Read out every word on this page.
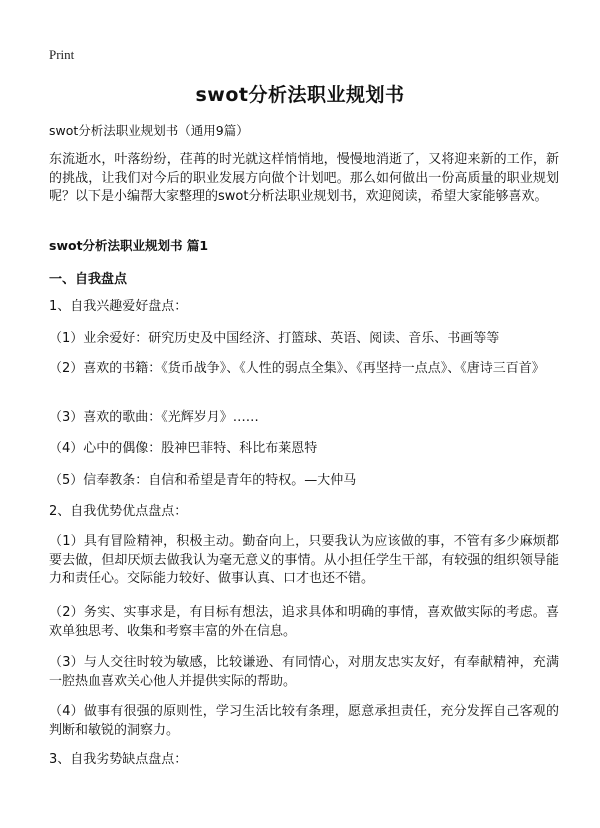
Print
swot分析法职业规划书
swot分析法职业规划书（通用9篇）
东流逝水，叶落纷纷，荏苒的时光就这样悄悄地，慢慢地消逝了，又将迎来新的工作，新的挑战，让我们对今后的职业发展方向做个计划吧。那么如何做出一份高质量的职业规划呢？以下是小编帮大家整理的swot分析法职业规划书，欢迎阅读，希望大家能够喜欢。
swot分析法职业规划书 篇1
一、自我盘点
1、自我兴趣爱好盘点：
（1）业余爱好：研究历史及中国经济、打篮球、英语、阅读、音乐、书画等等
（2）喜欢的书籍：《货币战争》、《人性的弱点全集》、《再坚持一点点》、《唐诗三百首》
（3）喜欢的歌曲：《光辉岁月》……
（4）心中的偶像：股神巴菲特、科比布莱恩特
（5）信奉教条：自信和希望是青年的特权。—大仲马
2、自我优势优点盘点：
（1）具有冒险精神，积极主动。勤奋向上，只要我认为应该做的事，不管有多少麻烦都要去做，但却厌烦去做我认为毫无意义的事情。从小担任学生干部，有较强的组织领导能力和责任心。交际能力较好、做事认真、口才也还不错。
（2）务实、实事求是，有目标有想法，追求具体和明确的事情，喜欢做实际的考虑。喜欢单独思考、收集和考察丰富的外在信息。
（3）与人交往时较为敏感，比较谦逊、有同情心，对朋友忠实友好，有奉献精神，充满一腔热血喜欢关心他人并提供实际的帮助。
（4）做事有很强的原则性，学习生活比较有条理，愿意承担责任，充分发挥自己客观的判断和敏锐的洞察力。
3、自我劣势缺点盘点：
